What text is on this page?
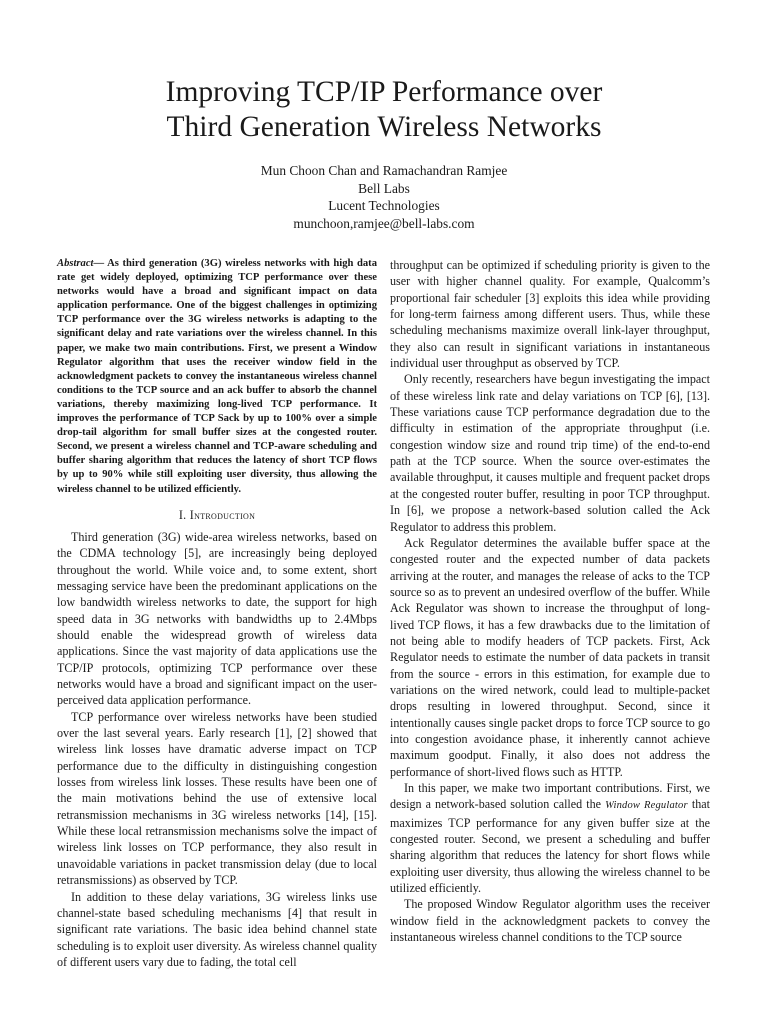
Improving TCP/IP Performance over
Third Generation Wireless Networks
Mun Choon Chan and Ramachandran Ramjee
Bell Labs
Lucent Technologies
munchoon,ramjee@bell-labs.com

Abstract— As third generation (3G) wireless networks with high data rate get widely deployed, optimizing TCP performance over these networks would have a broad and significant impact on data application performance. One of the biggest challenges in optimizing TCP performance over the 3G wireless networks is adapting to the significant delay and rate variations over the wireless channel. In this paper, we make two main contributions. First, we present a Window Regulator algorithm that uses the receiver window field in the acknowledgment packets to convey the instantaneous wireless channel conditions to the TCP source and an ack buffer to absorb the channel variations, thereby maximizing long-lived TCP performance. It improves the performance of TCP Sack by up to 100% over a simple drop-tail algorithm for small buffer sizes at the congested router. Second, we present a wireless channel and TCP-aware scheduling and buffer sharing algorithm that reduces the latency of short TCP flows by up to 90% while still exploiting user diversity, thus allowing the wireless channel to be utilized efficiently.

I. Introduction

Third generation (3G) wide-area wireless networks, based on the CDMA technology [5], are increasingly being deployed throughout the world. While voice and, to some extent, short messaging service have been the predominant applications on the low bandwidth wireless networks to date, the support for high speed data in 3G networks with bandwidths up to 2.4Mbps should enable the widespread growth of wireless data applications. Since the vast majority of data applications use the TCP/IP protocols, optimizing TCP performance over these networks would have a broad and significant impact on the user-perceived data application performance.

TCP performance over wireless networks have been studied over the last several years. Early research [1], [2] showed that wireless link losses have dramatic adverse impact on TCP performance due to the difficulty in distinguishing congestion losses from wireless link losses. These results have been one of the main motivations behind the use of extensive local retransmission mechanisms in 3G wireless networks [14], [15]. While these local retransmission mechanisms solve the impact of wireless link losses on TCP performance, they also result in unavoidable variations in packet transmission delay (due to local retransmissions) as observed by TCP.

In addition to these delay variations, 3G wireless links use channel-state based scheduling mechanisms [4] that result in significant rate variations. The basic idea behind channel state scheduling is to exploit user diversity. As wireless channel quality of different users vary due to fading, the total cell

throughput can be optimized if scheduling priority is given to the user with higher channel quality. For example, Qualcomm’s proportional fair scheduler [3] exploits this idea while providing for long-term fairness among different users. Thus, while these scheduling mechanisms maximize overall link-layer throughput, they also can result in significant variations in instantaneous individual user throughput as observed by TCP.

Only recently, researchers have begun investigating the impact of these wireless link rate and delay variations on TCP [6], [13]. These variations cause TCP performance degradation due to the difficulty in estimation of the appropriate throughput (i.e. congestion window size and round trip time) of the end-to-end path at the TCP source. When the source over-estimates the available throughput, it causes multiple and frequent packet drops at the congested router buffer, resulting in poor TCP throughput. In [6], we propose a network-based solution called the Ack Regulator to address this problem.

Ack Regulator determines the available buffer space at the congested router and the expected number of data packets arriving at the router, and manages the release of acks to the TCP source so as to prevent an undesired overflow of the buffer. While Ack Regulator was shown to increase the throughput of long-lived TCP flows, it has a few drawbacks due to the limitation of not being able to modify headers of TCP packets. First, Ack Regulator needs to estimate the number of data packets in transit from the source - errors in this estimation, for example due to variations on the wired network, could lead to multiple-packet drops resulting in lowered throughput. Second, since it intentionally causes single packet drops to force TCP source to go into congestion avoidance phase, it inherently cannot achieve maximum goodput. Finally, it also does not address the performance of short-lived flows such as HTTP.

In this paper, we make two important contributions. First, we design a network-based solution called the Window Regulator that maximizes TCP performance for any given buffer size at the congested router. Second, we present a scheduling and buffer sharing algorithm that reduces the latency for short flows while exploiting user diversity, thus allowing the wireless channel to be utilized efficiently.

The proposed Window Regulator algorithm uses the receiver window field in the acknowledgment packets to convey the instantaneous wireless channel conditions to the TCP source
